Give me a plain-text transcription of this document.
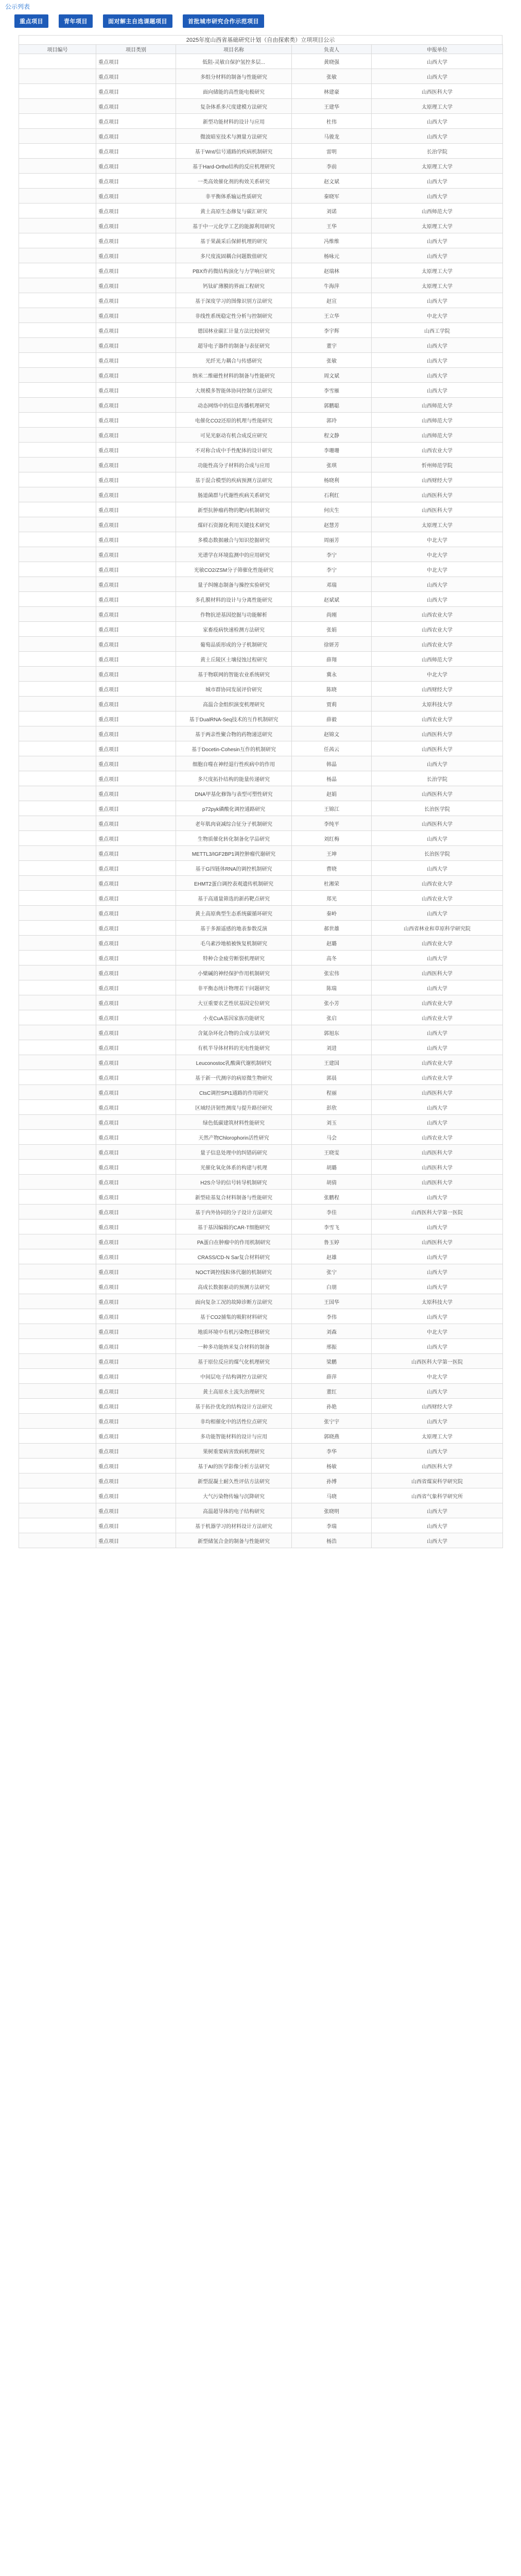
公示列表
重点项目	青年项目	面对解主自选课题项目	首批城市研究合作示范项目
2025年度山西省基础研究计划（自由探索类）立项项目公示
项目编号	项目类别	项目名称	负责人	申报单位
	重点项目	低阻-灵敏自保护氢控多层...	黄晓强	山西大学
	重点项目	多组分材料的制备与性能研究	张敏	山西大学
	重点项目	面向储能的高性能电极研究	林建豪	山西医科大学
	重点项目	复杂体系多尺度建模方法研究	王建华	太原理工大学
	重点项目	新型功能材料的设计与应用	杜伟	山西大学
	重点项目	微波暗室技术与测量方法研究	马骏龙	山西大学
	重点项目	基于Wnt/信号通路的疾病机制研究	雷明	长治学院
	重点项目	基于Hard-Ortho结构的反应机理研究	李前	太原理工大学
	重点项目	一类高效催化剂的构效关系研究	赵文斌	山西大学
	重点项目	非平衡体系输运性质研究	秦晓军	山西大学
	重点项目	黄土高原生态修复与碳汇研究	刘诺	山西师范大学
	重点项目	基于中一元化学工艺的能源利用研究	王华	太原理工大学
	重点项目	基于果蔬采后保鲜机理的研究	冯维维	山西大学
	重点项目	多尺度流固耦合问题数值研究	杨咏元	山西大学
	重点项目	PBX炸药微结构演化与力学响应研究	赵瑞林	太原理工大学
	重点项目	钙钛矿薄膜的界面工程研究	牛海萍	太原理工大学
	重点项目	基于深度学习的图像识别方法研究	赵宣	山西大学
	重点项目	非线性系统稳定性分析与控制研究	王立华	中北大学
	重点项目	德国林业碳汇计量方法比较研究	李宇辉	山西工学院
	重点项目	超导电子器件的制备与表征研究	董宇	山西大学
	重点项目	光纤光力耦合与传感研究	张敏	山西大学
	重点项目	纳米二维磁性材料的制备与性能研究	周文斌	山西大学
	重点项目	大规模多智能体协同控制方法研究	李雪雁	山西大学
	重点项目	动态网络中的信息传播机理研究	郭鹏聪	山西师范大学
	重点项目	电催化CO2还原的机理与性能研究	郭玲	山西师范大学
	重点项目	可见光驱动有机合成反应研究	程文静	山西师范大学
	重点项目	不对称合成中手性配体的设计研究	李珊珊	山西农业大学
	重点项目	功能性高分子材料的合成与应用	张琪	忻州师范学院
	重点项目	基于混合模型的疾病预测方法研究	杨晓利	山西财经大学
	重点项目	肠道菌群与代谢性疾病关系研究	石利红	山西医科大学
	重点项目	新型抗肿瘤药物的靶向机制研究	何庆生	山西医科大学
	重点项目	煤矸石资源化利用关键技术研究	赵慧芳	太原理工大学
	重点项目	多模态数据融合与知识挖掘研究	周丽芳	中北大学
	重点项目	光谱学在环境监测中的应用研究	李宁	中北大学
	重点项目	光敏CO2/ZSM分子筛催化性能研究	李宁	中北大学
	重点项目	量子纠缠态制备与操控实验研究	邓瑞	山西大学
	重点项目	多孔膜材料的设计与分离性能研究	赵斌斌	山西大学
	重点项目	作物抗逆基因挖掘与功能解析	尚刚	山西农业大学
	重点项目	家畜疫病快速检测方法研究	张娟	山西农业大学
	重点项目	葡萄品质形成的分子机制研究	徐妍芳	山西农业大学
	重点项目	黄土丘陵区土壤侵蚀过程研究	薛翔	山西师范大学
	重点项目	基于物联网的智能农业系统研究	冀永	中北大学
	重点项目	城市群协同发展评价研究	陈晓	山西财经大学
	重点项目	高温合金组织演变机理研究	贾莉	太原科技大学
	重点项目	基于DualRNA-Seq技术的互作机制研究	薛毅	山西农业大学
	重点项目	基于两亲性聚合物的药物递送研究	赵锦文	山西医科大学
	重点项目	基于Docetin-Cohesin互作的机制研究	任茜云	山西医科大学
	重点项目	细胞自噬在神经退行性疾病中的作用	韩晶	山西大学
	重点项目	多尺度拓扑结构的能量传递研究	杨晶	长治学院
	重点项目	DNA甲基化修饰与表型可塑性研究	赵娟	山西医科大学
	重点项目	p72pyk磷酸化调控通路研究	王锦江	长治医学院
	重点项目	老年肌肉衰减综合征分子机制研究	李纯平	山西医科大学
	重点项目	生物质催化转化制备化学品研究	刘红梅	山西大学
	重点项目	METTL3/IGF2BP1调控肿瘤代谢研究	王坤	长治医学院
	重点项目	基于G四链体RNA的调控机制研究	曹晓	山西大学
	重点项目	EHMT2蛋白调控表观遗传机制研究	杜湘荣	山西农业大学
	重点项目	基于高通量筛选的新药靶点研究	郑光	山西农业大学
	重点项目	黄土高原典型生态系统碳循环研究	秦岭	山西大学
	重点项目	基于多源遥感的地表参数反演	郝世雄	山西省林业和草原科学研究院
	重点项目	毛乌素沙地植被恢复机制研究	赵璐	山西农业大学
	重点项目	特种合金疲劳断裂机理研究	高冬	山西大学
	重点项目	小檗碱的神经保护作用机制研究	张宏伟	山西医科大学
	重点项目	非平衡态统计物理若干问题研究	陈瑞	山西大学
	重点项目	大豆重要农艺性状基因定位研究	张小芳	山西农业大学
	重点项目	小麦CuA基因家族功能研究	张启	山西农业大学
	重点项目	含氮杂环化合物的合成方法研究	郭旭东	山西大学
	重点项目	有机半导体材料的光电性能研究	刘进	山西大学
	重点项目	Leuconostoc乳酸菌代谢机制研究	王建国	山西农业大学
	重点项目	基于新一代测序的病原微生物研究	郭晨	山西农业大学
	重点项目	CtsC调控SPI1通路的作用研究	程丽	山西医科大学
	重点项目	区域经济韧性测度与提升路径研究	彭欣	山西大学
	重点项目	绿色低碳建筑材料性能研究	刘玉	山西大学
	重点项目	天然产物Chlorophorin活性研究	马会	山西农业大学
	重点项目	量子信息处理中的纠错码研究	王晓雯	山西医科大学
	重点项目	光催化氧化体系的构建与机理	胡璐	山西医科大学
	重点项目	H2S介导的信号转导机制研究	胡倩	山西医科大学
	重点项目	新型硅基复合材料制备与性能研究	张鹏程	山西大学
	重点项目	基于内外协同的分子设计方法研究	李佳	山西医科大学第一医院
	重点项目	基于基因编辑的CAR-T细胞研究	李雪飞	山西大学
	重点项目	PA蛋白在肿瘤中的作用机制研究	鲁玉婷	山西医科大学
	重点项目	CRASS/CD-N Sar复合材料研究	赵雄	山西大学
	重点项目	NOCT调控线粒体代谢的机制研究	张宁	山西大学
	重点项目	高成长数据驱动的预测方法研究	白朋	山西大学
	重点项目	面向复杂工况的故障诊断方法研究	王国华	太原科技大学
	重点项目	基于CO2捕集的吸附材料研究	李伟	山西大学
	重点项目	地质环境中有机污染物迁移研究	刘森	中北大学
	重点项目	一种多功能纳米复合材料的制备	邢振	山西大学
	重点项目	基于原位反应的煤气化机理研究	梁鹏	山西医科大学第一医院
	重点项目	中间层电子结构调控方法研究	薛萍	中北大学
	重点项目	黄土高原水土流失治理研究	董红	山西大学
	重点项目	基于拓扑优化的结构设计方法研究	孙艳	山西财经大学
	重点项目	非均相催化中的活性位点研究	张宁宇	山西大学
	重点项目	多功能智能材料的设计与应用	郭晓燕	太原理工大学
	重点项目	果树重要病害致病机理研究	李华	山西大学
	重点项目	基于AI的医学影像分析方法研究	杨敏	山西医科大学
	重点项目	新型混凝土耐久性评估方法研究	孙博	山西省煤炭科学研究院
	重点项目	大气污染物传输与沉降研究	马晓	山西省气象科学研究所
	重点项目	高温超导体的电子结构研究	张晓明	山西大学
	重点项目	基于机器学习的材料设计方法研究	李瑞	山西大学
	重点项目	新型储氢合金的制备与性能研究	杨浩	山西大学
